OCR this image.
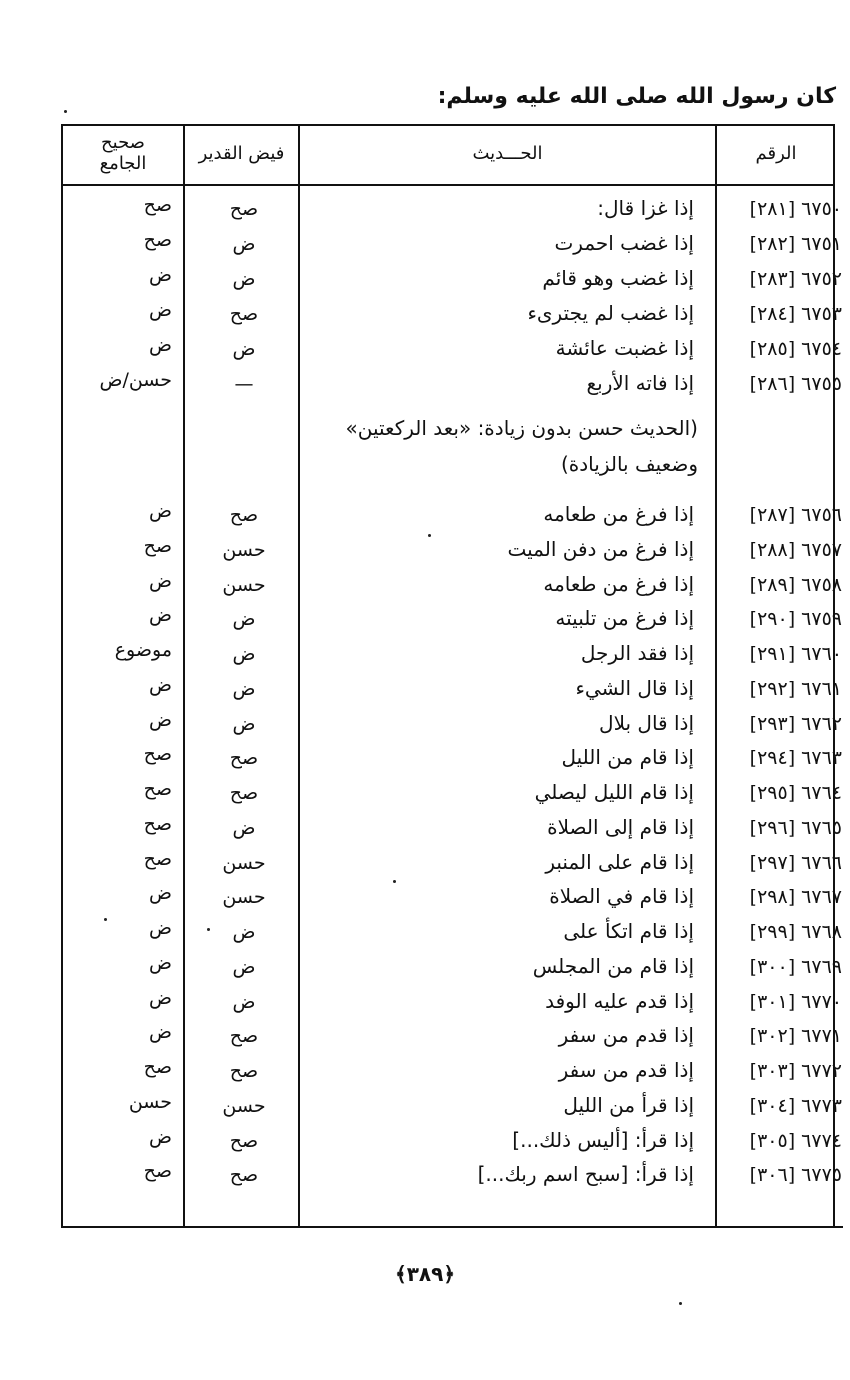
كان رسول الله صلى الله عليه وسلم:
الرقم
الحـــديث
فيض القدير
صحيح الجامع
٦٧٥٠ [٢٨١]
إذا غزا قال:
صح
صح
٦٧٥١ [٢٨٢]
إذا غضب احمرت
ض
صح
٦٧٥٢ [٢٨٣]
إذا غضب وهو قائم
ض
ض
٦٧٥٣ [٢٨٤]
إذا غضب لم يجترىء
صح
ض
٦٧٥٤ [٢٨٥]
إذا غضبت عائشة
ض
ض
٦٧٥٥ [٢٨٦]
إذا فاته الأربع
—
حسن/ض
٦٧٥٦ [٢٨٧]
إذا فرغ من طعامه
صح
ض
٦٧٥٧ [٢٨٨]
إذا فرغ من دفن الميت
حسن
صح
٦٧٥٨ [٢٨٩]
إذا فرغ من طعامه
حسن
ض
٦٧٥٩ [٢٩٠]
إذا فرغ من تلبيته
ض
ض
٦٧٦٠ [٢٩١]
إذا فقد الرجل
ض
موضوع
٦٧٦١ [٢٩٢]
إذا قال الشيء
ض
ض
٦٧٦٢ [٢٩٣]
إذا قال بلال
ض
ض
٦٧٦٣ [٢٩٤]
إذا قام من الليل
صح
صح
٦٧٦٤ [٢٩٥]
إذا قام الليل ليصلي
صح
صح
٦٧٦٥ [٢٩٦]
إذا قام إلى الصلاة
ض
صح
٦٧٦٦ [٢٩٧]
إذا قام على المنبر
حسن
صح
٦٧٦٧ [٢٩٨]
إذا قام في الصلاة
حسن
ض
٦٧٦٨ [٢٩٩]
إذا قام اتكأ على
ض
ض
٦٧٦٩ [٣٠٠]
إذا قام من المجلس
ض
ض
٦٧٧٠ [٣٠١]
إذا قدم عليه الوفد
ض
ض
٦٧٧١ [٣٠٢]
إذا قدم من سفر
صح
ض
٦٧٧٢ [٣٠٣]
إذا قدم من سفر
صح
صح
٦٧٧٣ [٣٠٤]
إذا قرأ من الليل
حسن
حسن
٦٧٧٤ [٣٠٥]
إذا قرأ: [أليس ذلك...]
صح
ض
٦٧٧٥ [٣٠٦]
إذا قرأ: [سبح اسم ربك...]
صح
صح
(الحديث حسن بدون زيادة: «بعد الركعتين» وضعيف بالزيادة)
﴿٣٨٩﴾
